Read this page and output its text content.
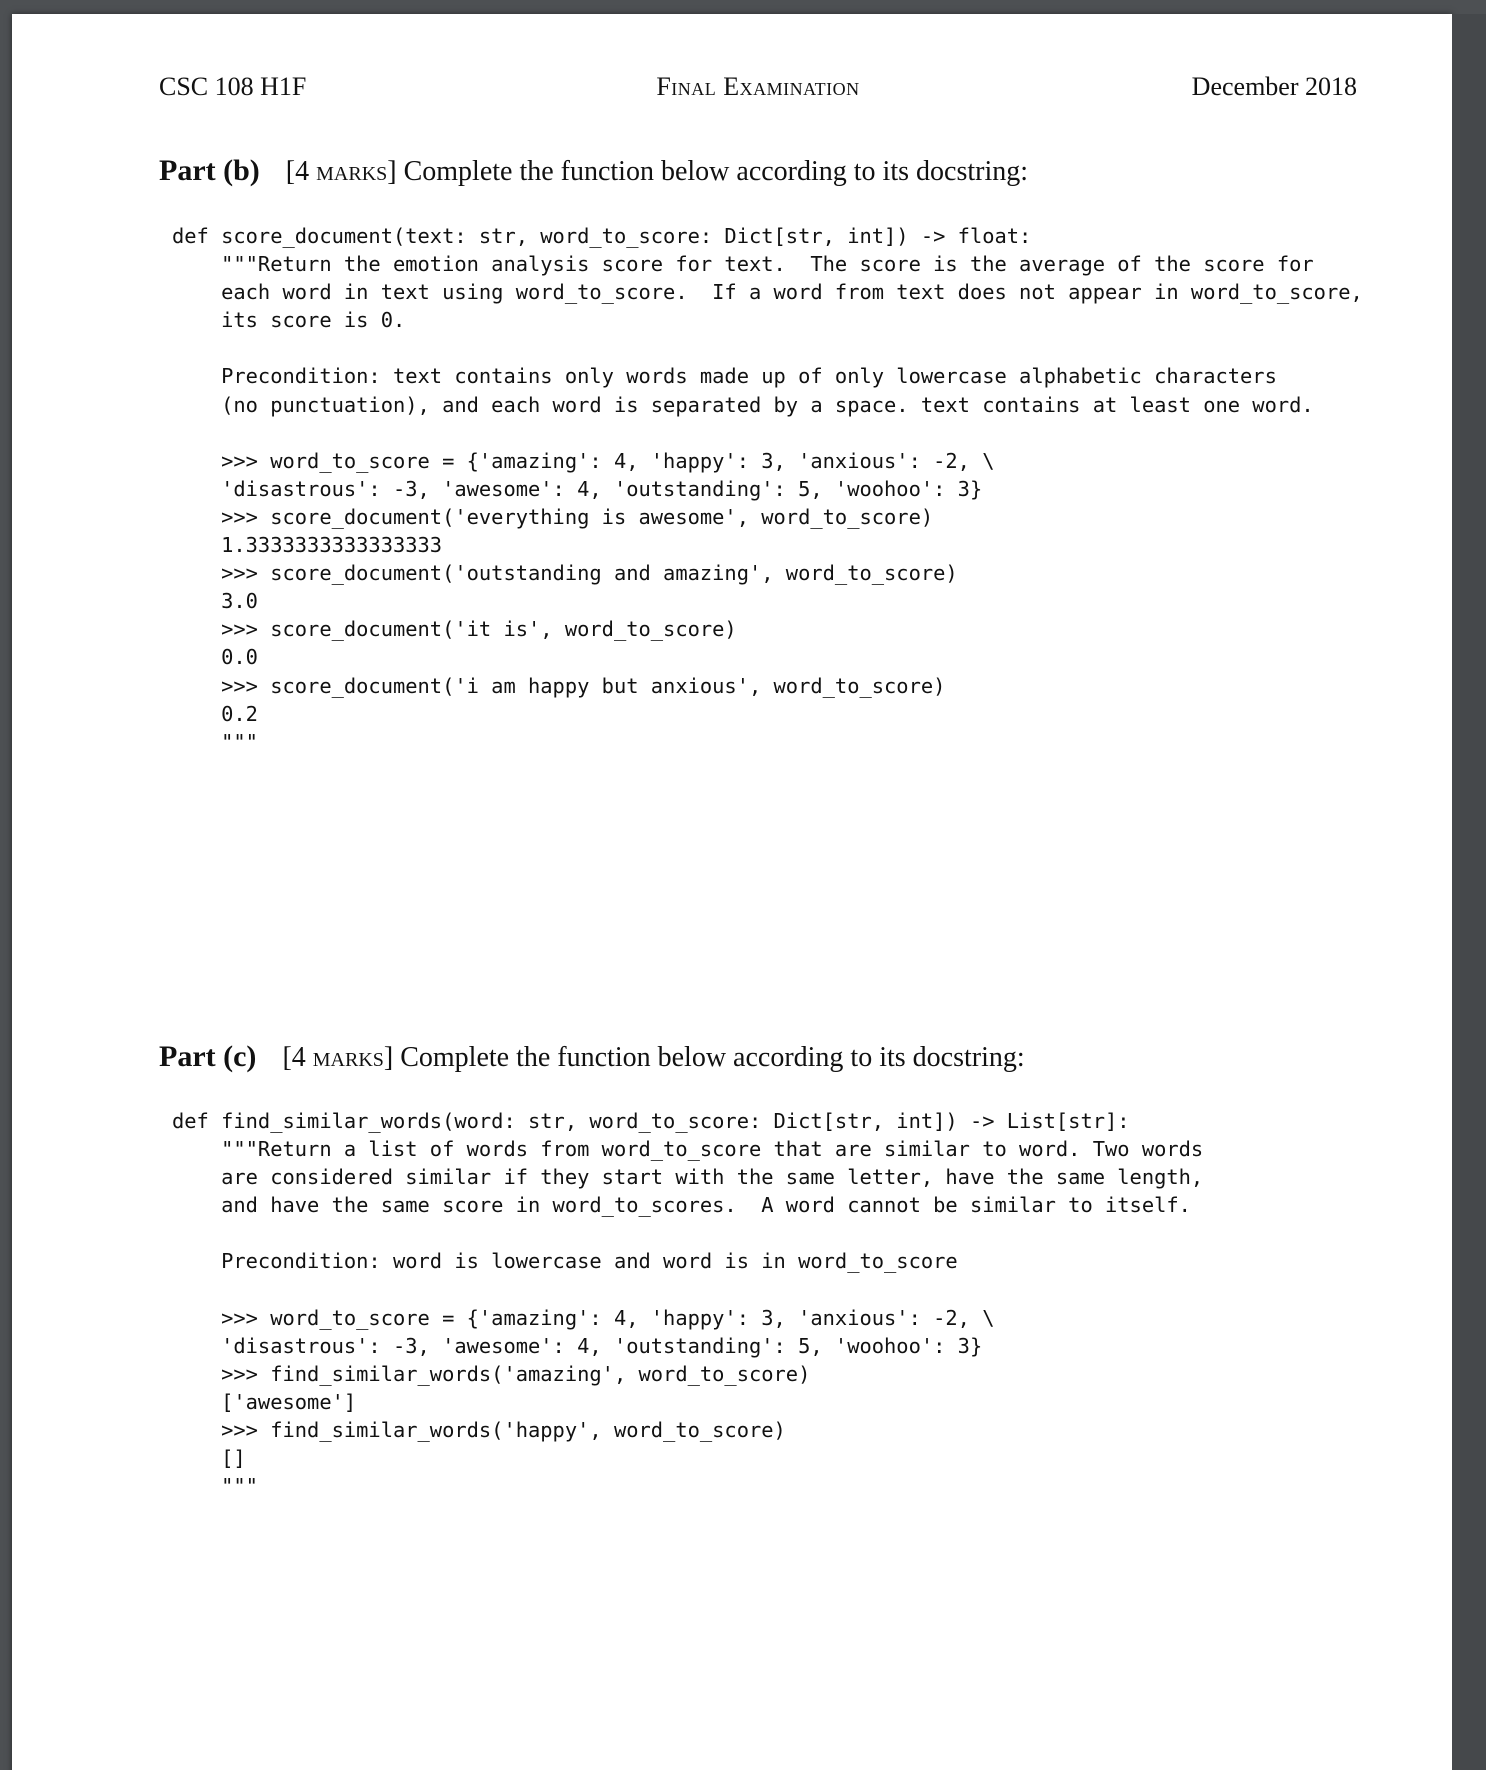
CSC 108 H1F	Final Examination	December 2018
Part (b) [4 marks] Complete the function below according to its docstring:
def score_document(text: str, word_to_score: Dict[str, int]) -> float:
"""Return the emotion analysis score for text.  The score is the average of the score for
each word in text using word_to_score.  If a word from text does not appear in word_to_score,
its score is 0.
Precondition: text contains only words made up of only lowercase alphabetic characters
(no punctuation), and each word is separated by a space. text contains at least one word.
>>> word_to_score = {'amazing': 4, 'happy': 3, 'anxious': -2, \
'disastrous': -3, 'awesome': 4, 'outstanding': 5, 'woohoo': 3}
>>> score_document('everything is awesome', word_to_score)
1.3333333333333333
>>> score_document('outstanding and amazing', word_to_score)
3.0
>>> score_document('it is', word_to_score)
0.0
>>> score_document('i am happy but anxious', word_to_score)
0.2
"""
Part (c) [4 marks] Complete the function below according to its docstring:
def find_similar_words(word: str, word_to_score: Dict[str, int]) -> List[str]:
"""Return a list of words from word_to_score that are similar to word. Two words
are considered similar if they start with the same letter, have the same length,
and have the same score in word_to_scores.  A word cannot be similar to itself.
Precondition: word is lowercase and word is in word_to_score
>>> word_to_score = {'amazing': 4, 'happy': 3, 'anxious': -2, \
'disastrous': -3, 'awesome': 4, 'outstanding': 5, 'woohoo': 3}
>>> find_similar_words('amazing', word_to_score)
['awesome']
>>> find_similar_words('happy', word_to_score)
[]
"""
